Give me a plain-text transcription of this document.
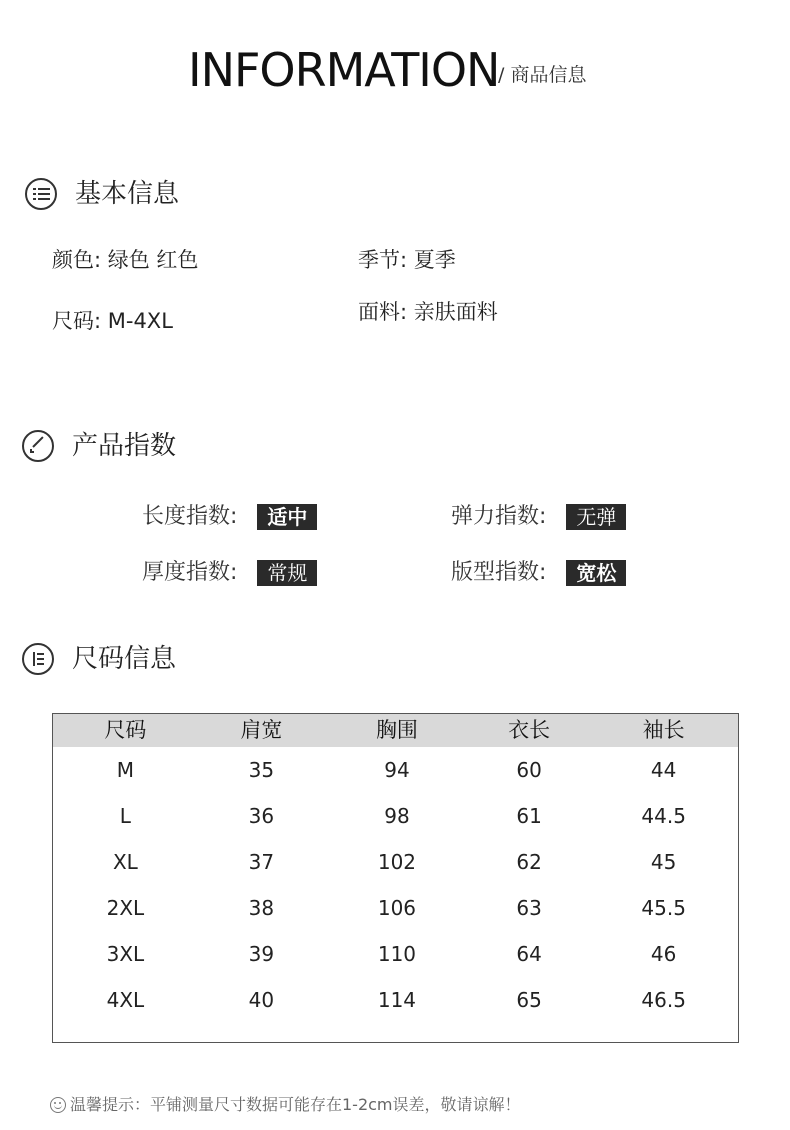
INFORMATION
/ 商品信息
基本信息
颜色: 绿色 红色	季节: 夏季
尺码: M-4XL	面料: 亲肤面料
产品指数
长度指数:	适中	弹力指数:	无弹
厚度指数:	常规	版型指数:	宽松
尺码信息
尺码	肩宽	胸围	衣长	袖长
M	35	94	60	44
L	36	98	61	44.5
XL	37	102	62	45
2XL	38	106	63	45.5
3XL	39	110	64	46
4XL	40	114	65	46.5
温馨提示：平铺测量尺寸数据可能存在1-2cm误差，敬请谅解！
